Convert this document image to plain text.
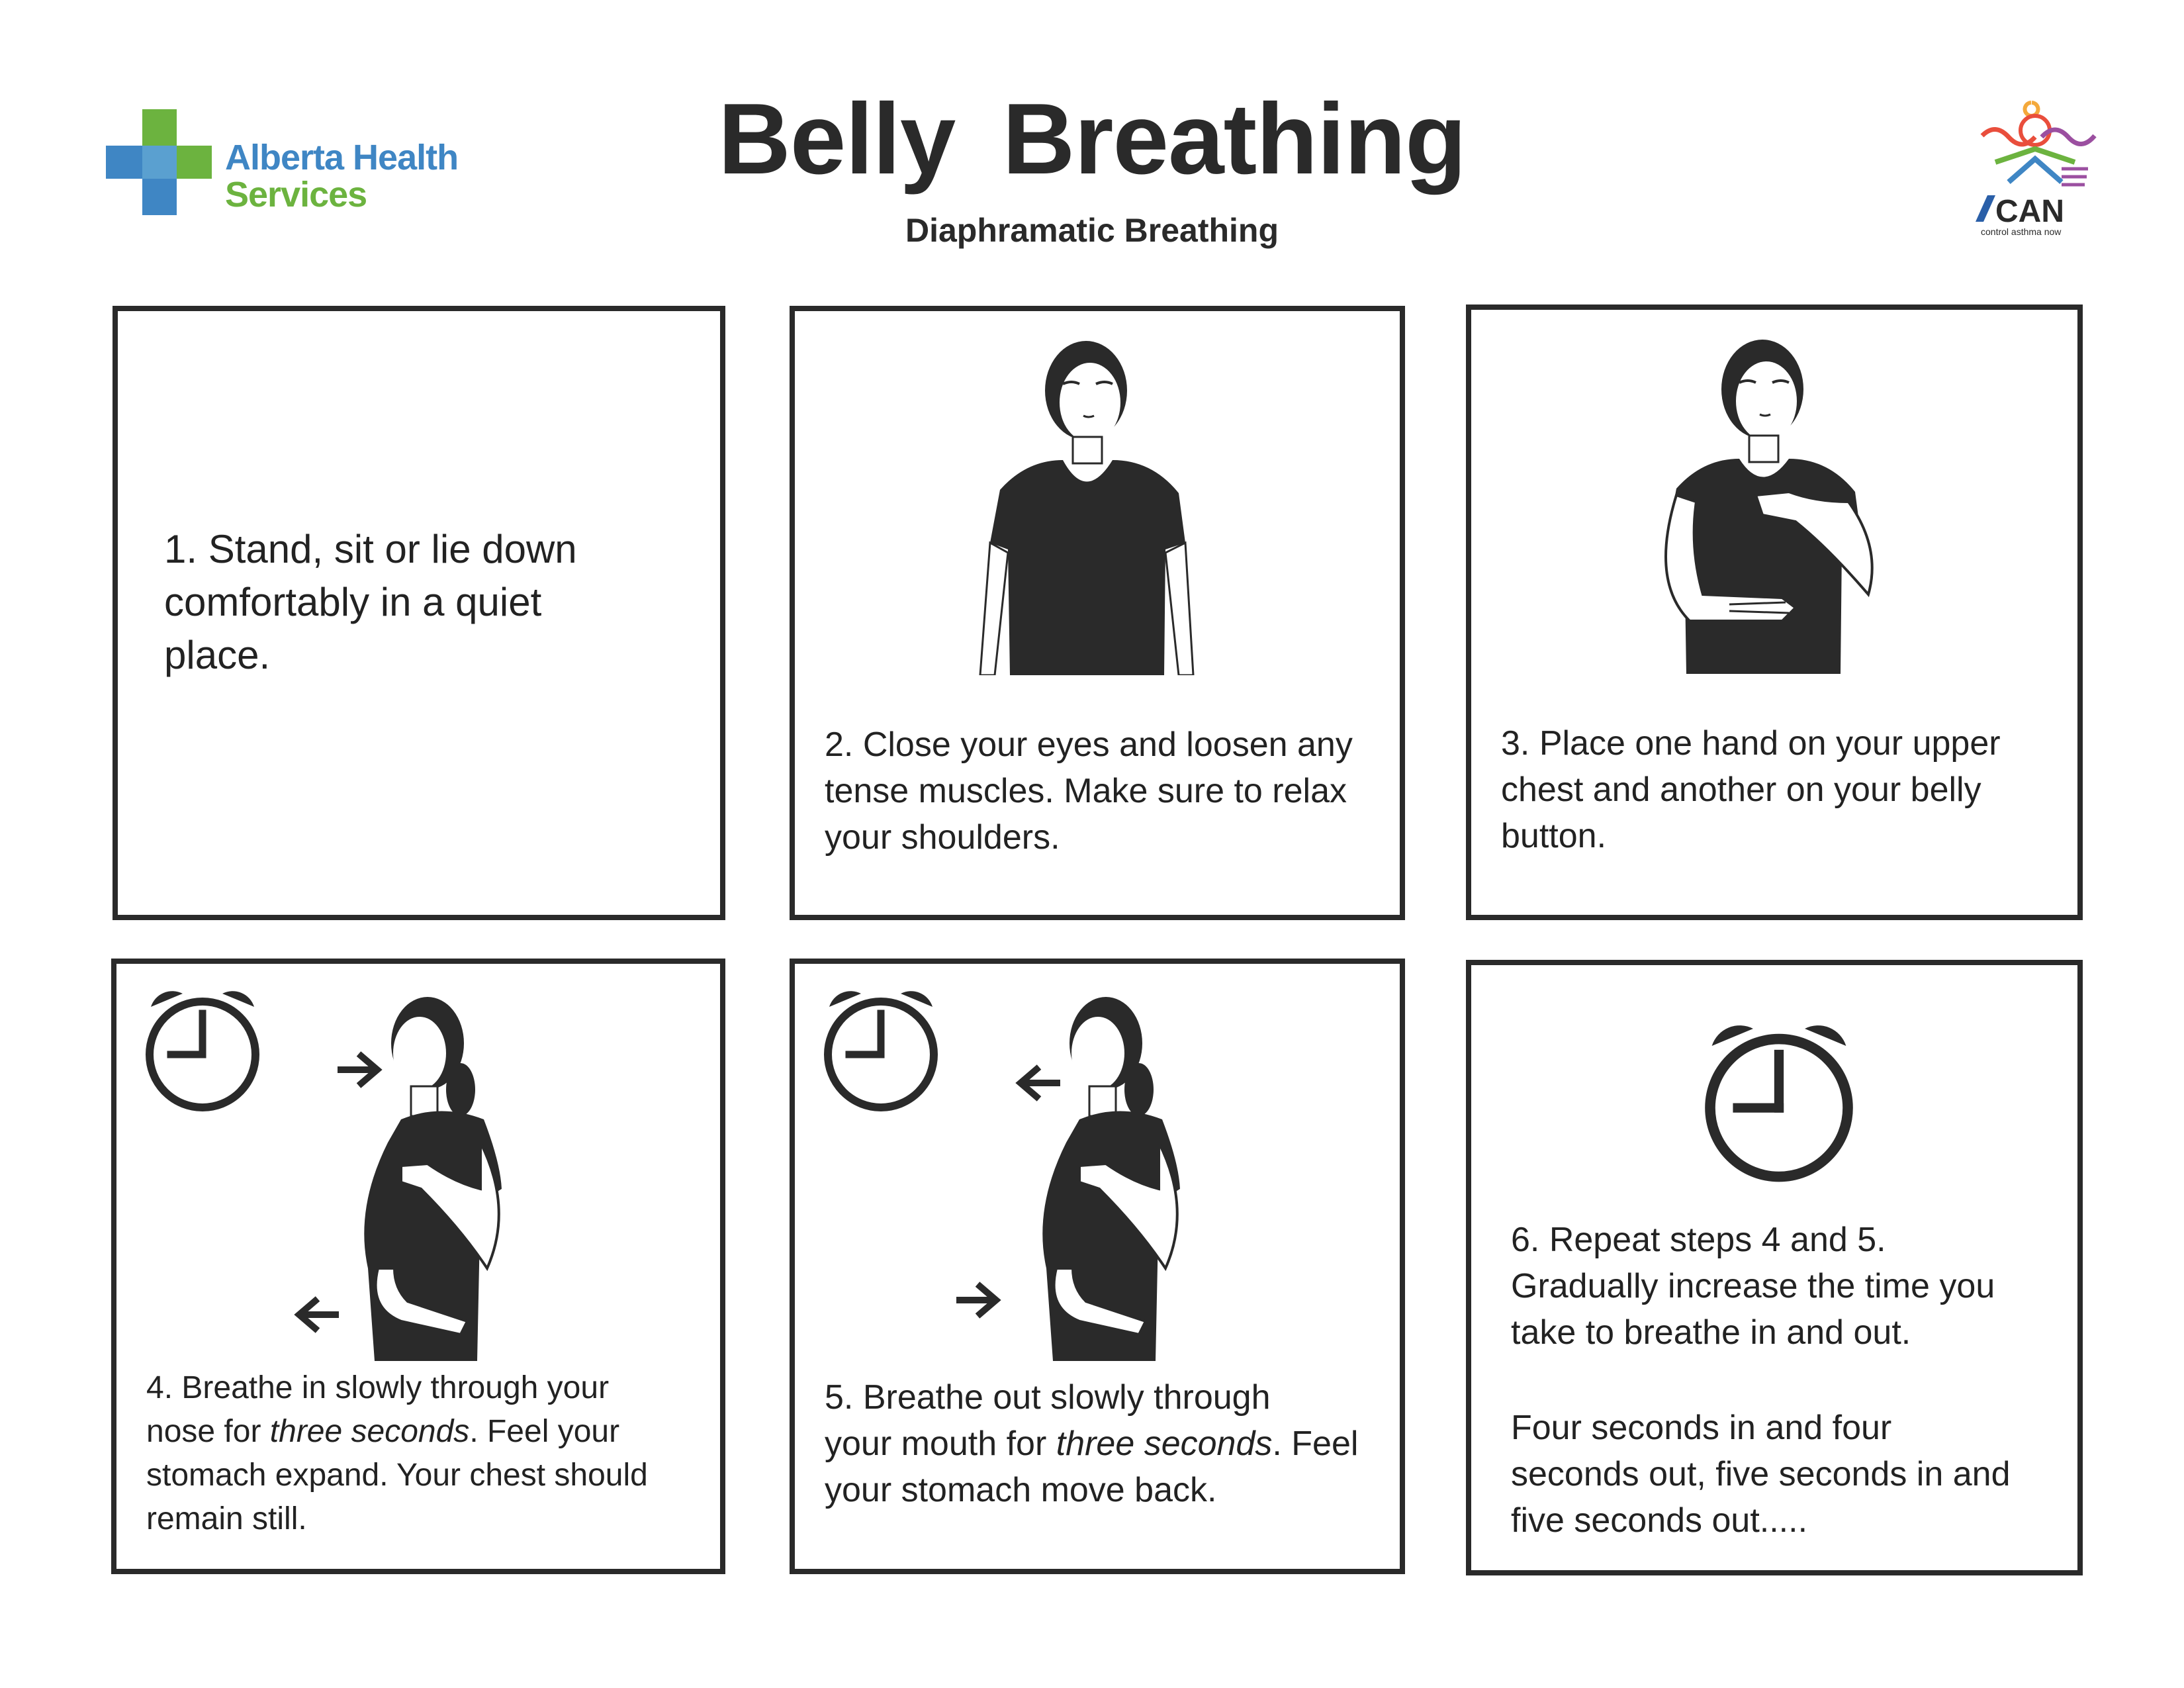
Alberta Health
Services	Belly Breathing
Diaphramatic Breathing
CAN
control asthma now
1. Stand, sit or lie down
comfortably in a quiet
place.
2. Close your eyes and loosen any
tense muscles. Make sure to relax
your shoulders.
3. Place one hand on your upper
chest and another on your belly
button.
4. Breathe in slowly through your
nose for three seconds. Feel your
stomach expand. Your chest should
remain still.
5. Breathe out slowly through
your mouth for three seconds. Feel
your stomach move back.
6. Repeat steps 4 and 5.
Gradually increase the time you
take to breathe in and out.
Four seconds in and four
seconds out, five seconds in and
five seconds out.....
